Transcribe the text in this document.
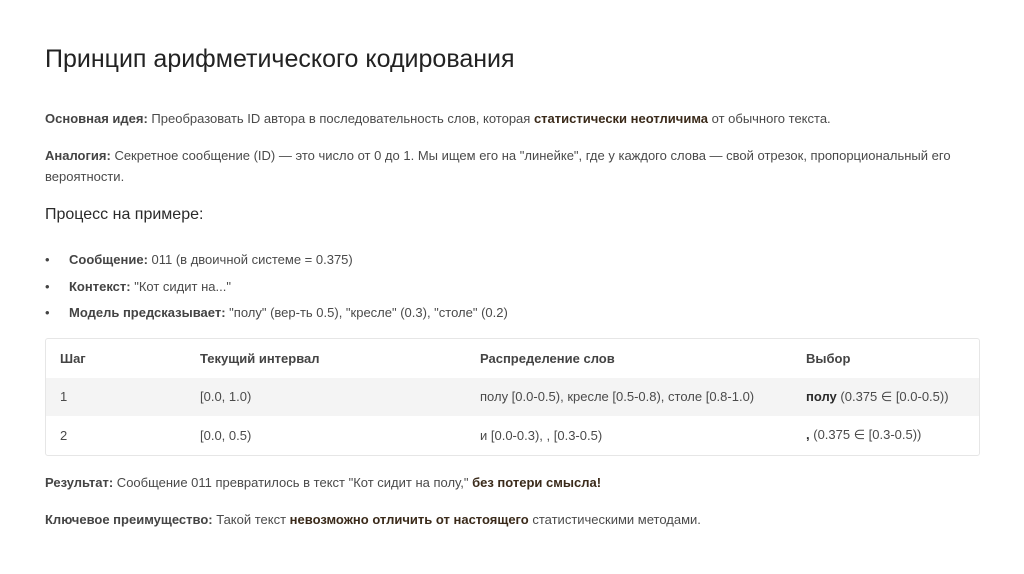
Принцип арифметического кодирования

Основная идея: Преобразовать ID автора в последовательность слов, которая статистически неотличима от обычного текста.

Аналогия: Секретное сообщение (ID) — это число от 0 до 1. Мы ищем его на "линейке", где у каждого слова — свой отрезок, пропорциональный его вероятности.

Процесс на примере:
• Сообщение: 011 (в двоичной системе = 0.375)
• Контекст: "Кот сидит на..."
• Модель предсказывает: "полу" (вер-ть 0.5), "кресле" (0.3), "столе" (0.2)
Шаг	Текущий интервал	Распределение слов	Выбор
1	[0.0, 1.0)	полу [0.0-0.5), кресле [0.5-0.8), столе [0.8-1.0)	полу (0.375 ∈ [0.0-0.5))
2	[0.0, 0.5)	и [0.0-0.3), , [0.3-0.5)	, (0.375 ∈ [0.3-0.5))

Результат: Сообщение 011 превратилось в текст "Кот сидит на полу," без потери смысла!

Ключевое преимущество: Такой текст невозможно отличить от настоящего статистическими методами.
